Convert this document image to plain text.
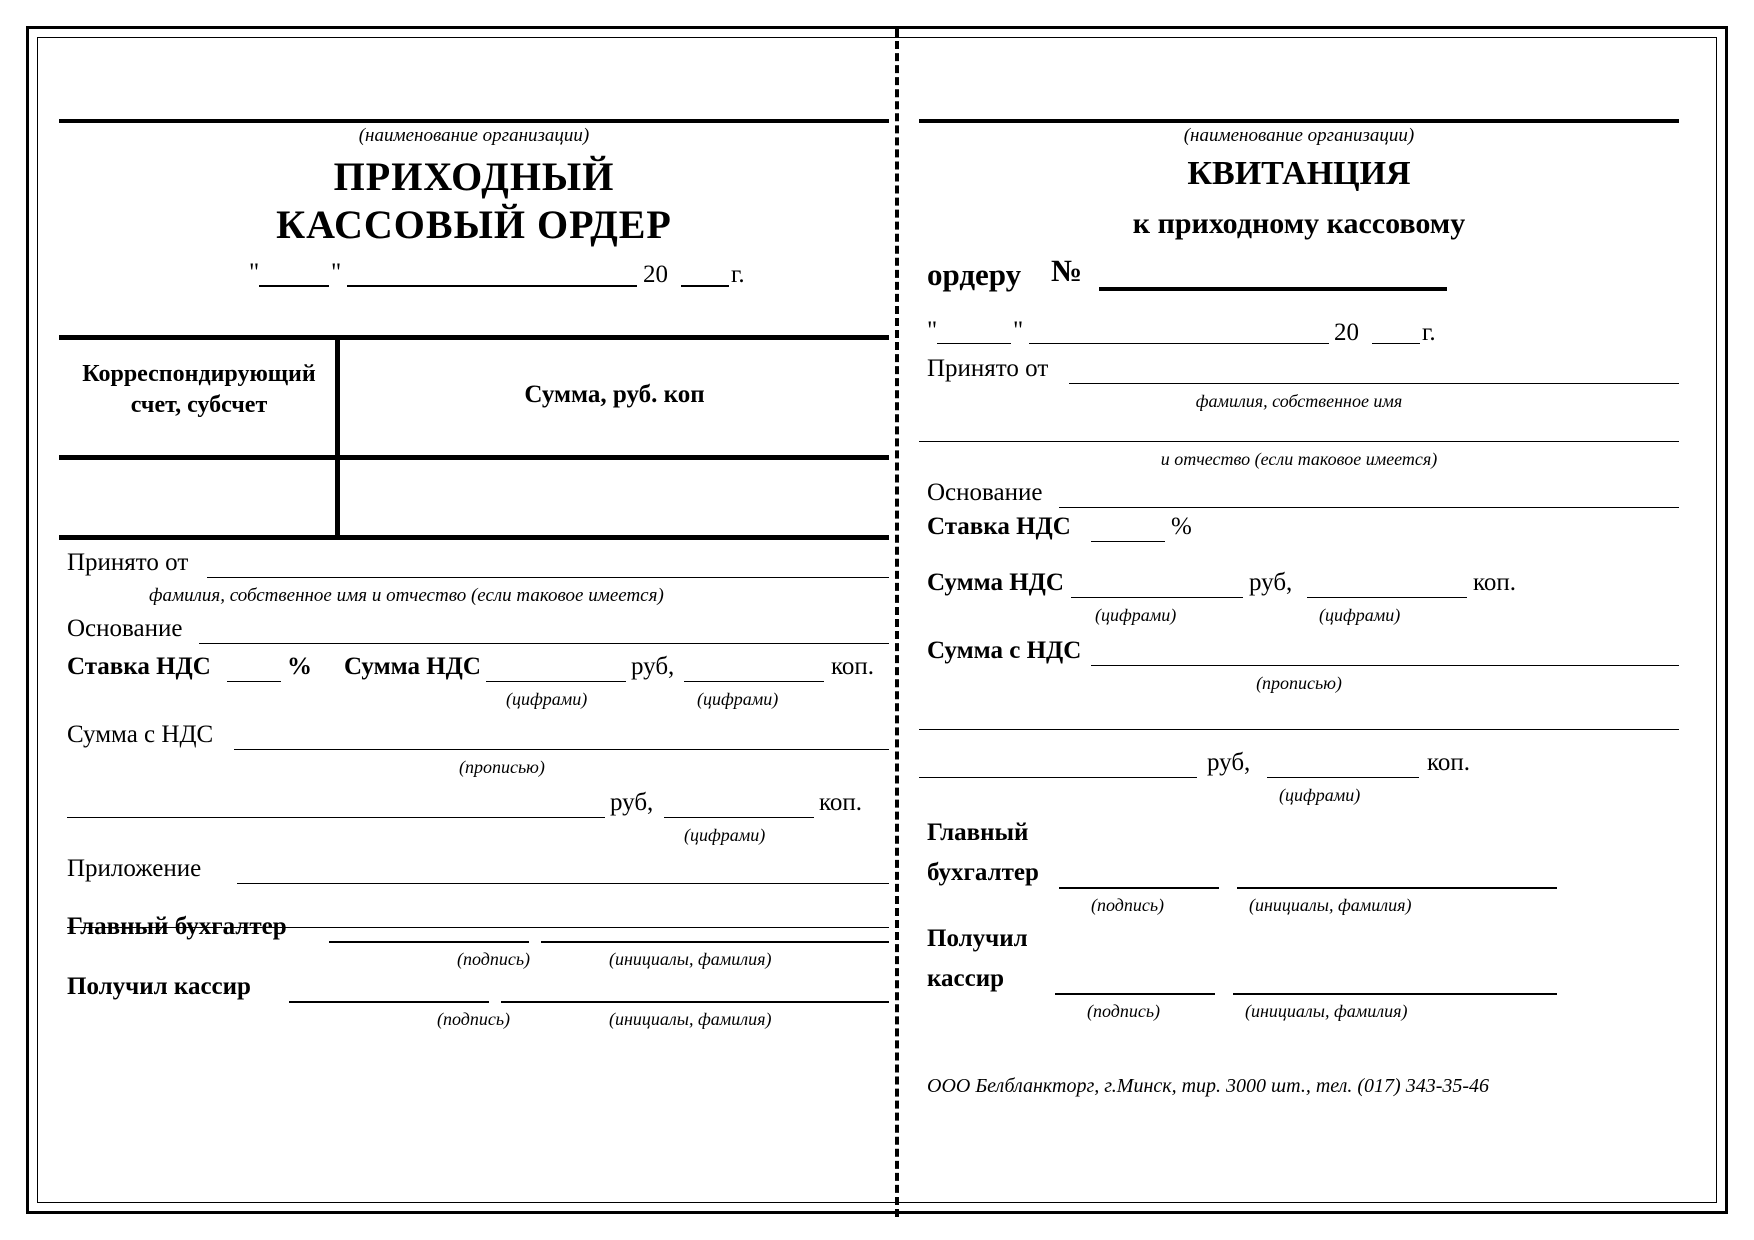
(наименование организации)
ПРИХОДНЫЙ
КАССОВЫЙ ОРДЕР
"	"	20	г.
Корреспондирующий
счет, субсчет	Сумма, руб. коп
Принято от
фамилия, собственное имя и отчество (если таковое имеется)
Основание
Ставка НДС	% Сумма НДС	руб,	коп.
(цифрами)	(цифрами)
Сумма с НДС
(прописью)
руб,	коп.
(цифрами)
Приложение
Главный бухгалтер
(подпись)	(инициалы, фамилия)
Получил кассир
(подпись)	(инициалы, фамилия)
(наименование организации)
КВИТАНЦИЯ
к приходному кассовому
ордеру №
"	"	20	г.
Принято от
фамилия, собственное имя
и отчество (если таковое имеется)
Основание
Ставка НДС	%
Сумма НДС	руб,	коп.
(цифрами)	(цифрами)
Сумма с НДС
(прописью)
руб,	коп.
(цифрами)
Главный
бухгалтер
(подпись)	(инициалы, фамилия)
Получил
кассир
(подпись)	(инициалы, фамилия)
ООО Белбланкторг, г.Минск, тир. 3000 шт., тел. (017) 343-35-46
